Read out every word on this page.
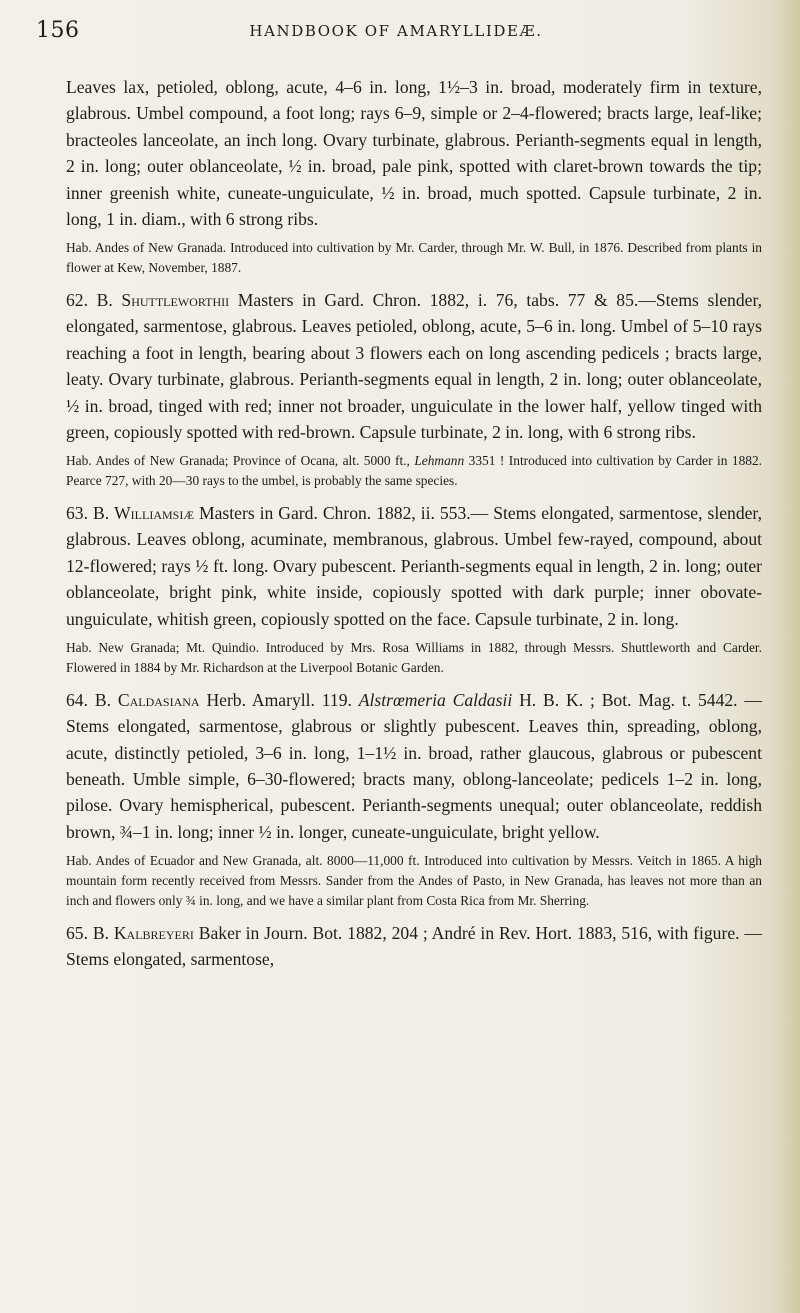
156	HANDBOOK OF AMARYLLIDEÆ.

Leaves lax, petioled, oblong, acute, 4–6 in. long, 1½–3 in. broad, moderately firm in texture, glabrous. Umbel compound, a foot long; rays 6–9, simple or 2–4-flowered; bracts large, leaf-like; bracteoles lanceolate, an inch long. Ovary turbinate, glabrous. Perianth-segments equal in length, 2 in. long; outer oblanceolate, ½ in. broad, pale pink, spotted with claret-brown towards the tip; inner greenish white, cuneate-unguiculate, ½ in. broad, much spotted. Capsule turbinate, 2 in. long, 1 in. diam., with 6 strong ribs.

Hab. Andes of New Granada. Introduced into cultivation by Mr. Carder, through Mr. W. Bull, in 1876. Described from plants in flower at Kew, November, 1887.

62. B. Shuttleworthii Masters in Gard. Chron. 1882, i. 76, tabs. 77 & 85.—Stems slender, elongated, sarmentose, glabrous. Leaves petioled, oblong, acute, 5–6 in. long. Umbel of 5–10 rays reaching a foot in length, bearing about 3 flowers each on long ascending pedicels ; bracts large, leaty. Ovary turbinate, glabrous. Perianth-segments equal in length, 2 in. long; outer oblanceolate, ½ in. broad, tinged with red; inner not broader, unguiculate in the lower half, yellow tinged with green, copiously spotted with red-brown. Capsule turbinate, 2 in. long, with 6 strong ribs.

Hab. Andes of New Granada; Province of Ocana, alt. 5000 ft., Lehmann 3351 ! Introduced into cultivation by Carder in 1882. Pearce 727, with 20—30 rays to the umbel, is probably the same species.

63. B. Williamsiæ Masters in Gard. Chron. 1882, ii. 553.— Stems elongated, sarmentose, slender, glabrous. Leaves oblong, acuminate, membranous, glabrous. Umbel few-rayed, compound, about 12-flowered; rays ½ ft. long. Ovary pubescent. Perianth-segments equal in length, 2 in. long; outer oblanceolate, bright pink, white inside, copiously spotted with dark purple; inner obovate-unguiculate, whitish green, copiously spotted on the face. Capsule turbinate, 2 in. long.

Hab. New Granada; Mt. Quindio. Introduced by Mrs. Rosa Williams in 1882, through Messrs. Shuttleworth and Carder. Flowered in 1884 by Mr. Richardson at the Liverpool Botanic Garden.

64. B. Caldasiana Herb. Amaryll. 119. Alstrœmeria Caldasii H. B. K. ; Bot. Mag. t. 5442. — Stems elongated, sarmentose, glabrous or slightly pubescent. Leaves thin, spreading, oblong, acute, distinctly petioled, 3–6 in. long, 1–1½ in. broad, rather glaucous, glabrous or pubescent beneath. Umble simple, 6–30-flowered; bracts many, oblong-lanceolate; pedicels 1–2 in. long, pilose. Ovary hemispherical, pubescent. Perianth-segments unequal; outer oblanceolate, reddish brown, ¾–1 in. long; inner ½ in. longer, cuneate-unguiculate, bright yellow.

Hab. Andes of Ecuador and New Granada, alt. 8000—11,000 ft. Introduced into cultivation by Messrs. Veitch in 1865. A high mountain form recently received from Messrs. Sander from the Andes of Pasto, in New Granada, has leaves not more than an inch and flowers only ¾ in. long, and we have a similar plant from Costa Rica from Mr. Sherring.

65. B. Kalbreyeri Baker in Journ. Bot. 1882, 204 ; André in Rev. Hort. 1883, 516, with figure. — Stems elongated, sarmentose,
